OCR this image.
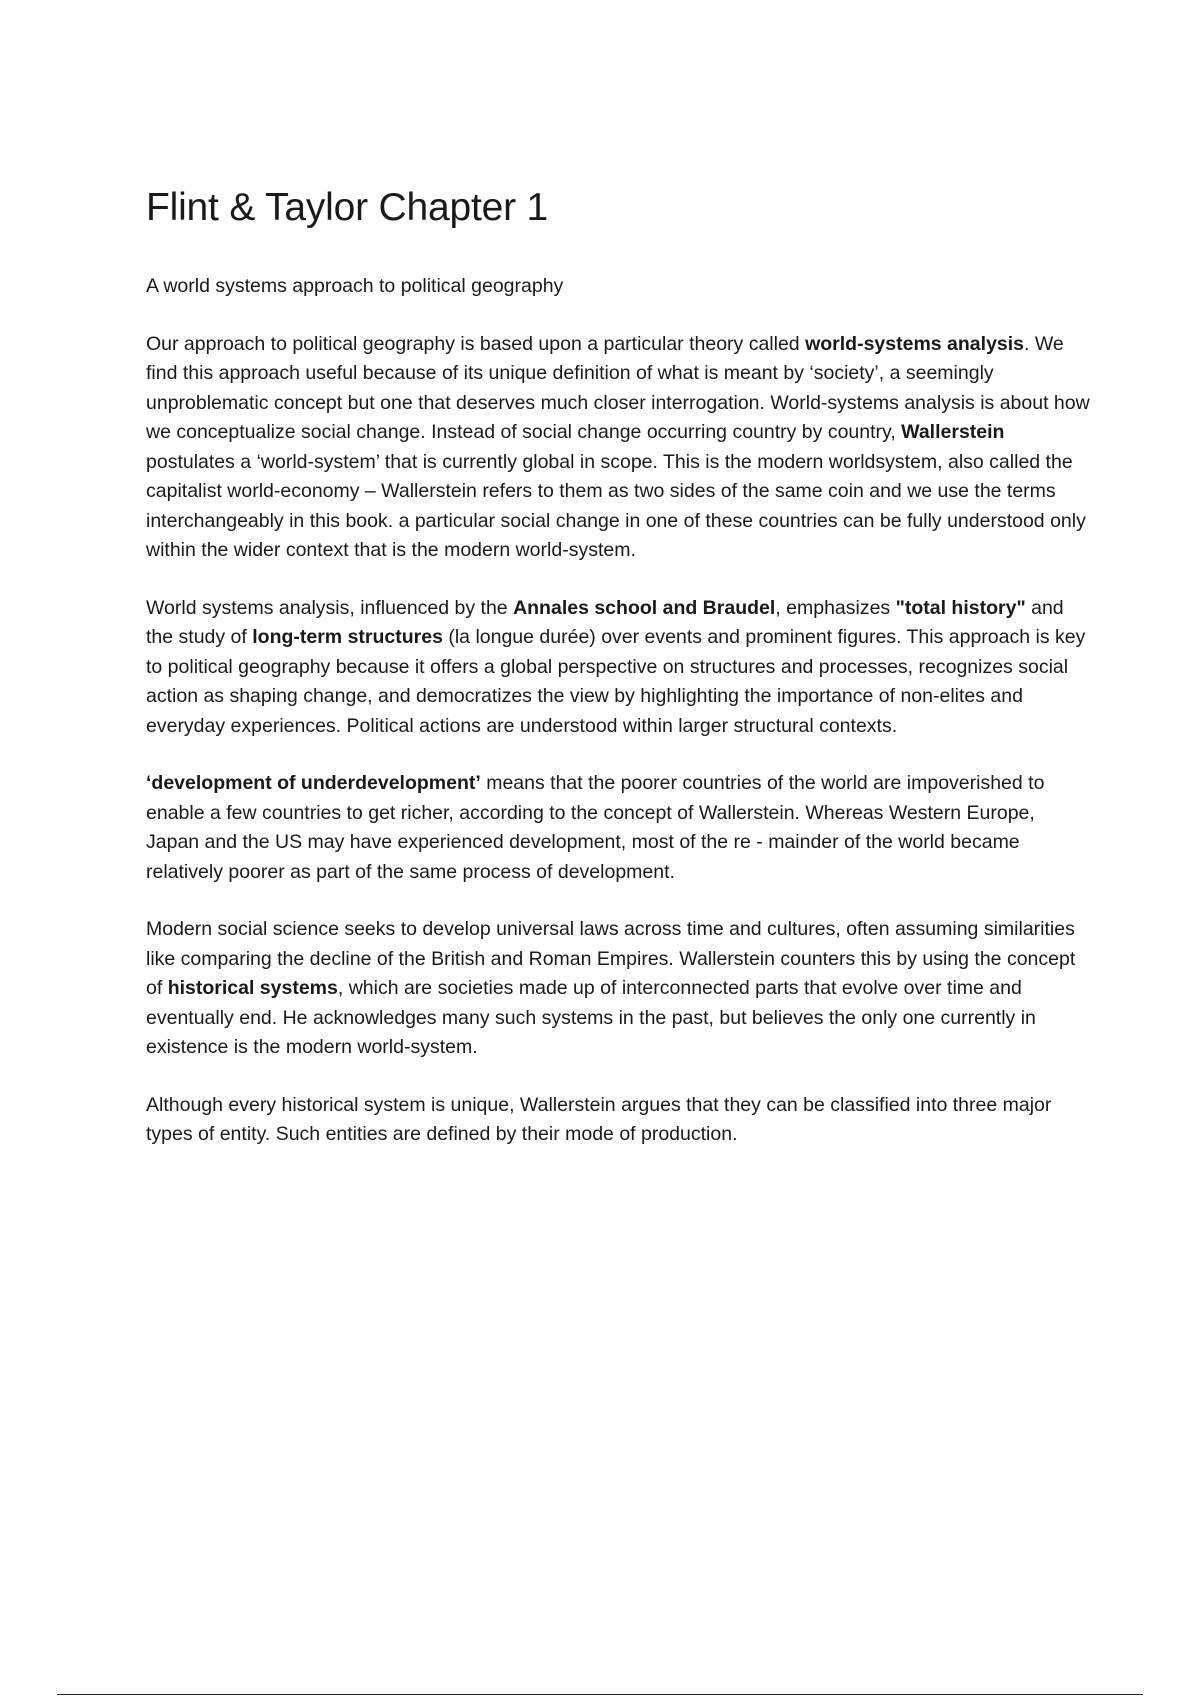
Flint & Taylor Chapter 1

A world systems approach to political geography

Our approach to political geography is based upon a particular theory called world-systems analysis. We find this approach useful because of its unique definition of what is meant by ‘society’, a seemingly unproblematic concept but one that deserves much closer interrogation. World-systems analysis is about how we conceptualize social change. Instead of social change occurring country by country, Wallerstein postulates a ‘world-system’ that is currently global in scope. This is the modern worldsystem, also called the capitalist world-economy – Wallerstein refers to them as two sides of the same coin and we use the terms interchangeably in this book. a particular social change in one of these countries can be fully understood only within the wider context that is the modern world-system.

World systems analysis, influenced by the Annales school and Braudel, emphasizes "total history" and the study of long-term structures (la longue durée) over events and prominent figures. This approach is key to political geography because it offers a global perspective on structures and processes, recognizes social action as shaping change, and democratizes the view by highlighting the importance of non-elites and everyday experiences. Political actions are understood within larger structural contexts.

‘development of underdevelopment’ means that the poorer countries of the world are impoverished to enable a few countries to get richer, according to the concept of Wallerstein. Whereas Western Europe, Japan and the US may have experienced development, most of the re - mainder of the world became relatively poorer as part of the same process of development.

Modern social science seeks to develop universal laws across time and cultures, often assuming similarities like comparing the decline of the British and Roman Empires. Wallerstein counters this by using the concept of historical systems, which are societies made up of interconnected parts that evolve over time and eventually end. He acknowledges many such systems in the past, but believes the only one currently in existence is the modern world-system.

Although every historical system is unique, Wallerstein argues that they can be classified into three major types of entity. Such entities are defined by their mode of production.
